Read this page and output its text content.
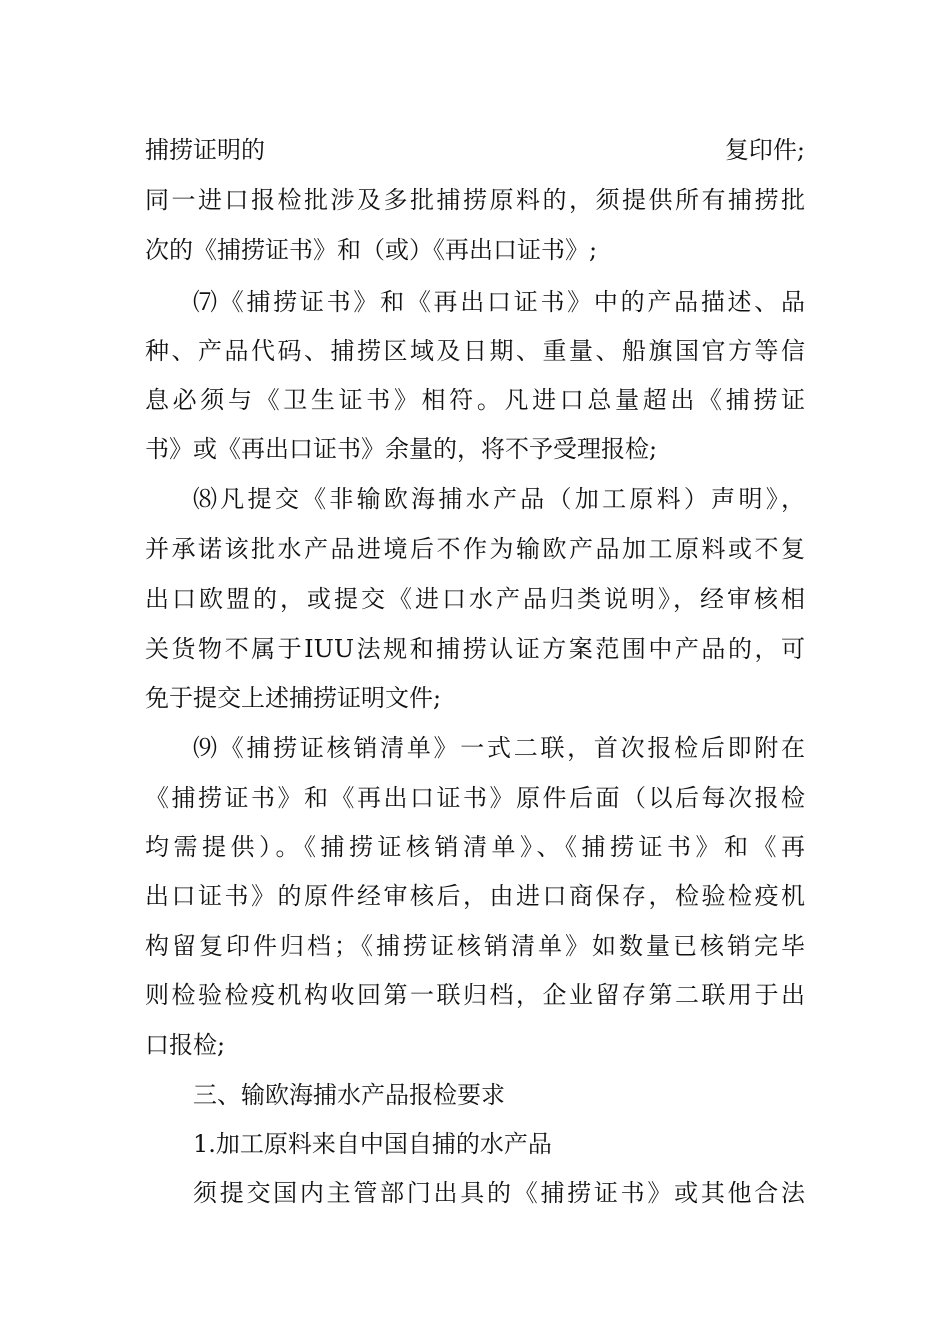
捕捞证明的	复印件;
同一进口报检批涉及多批捕捞原料的，须提供所有捕捞批
次的《捕捞证书》和（或）《再出口证书》;
⑺《捕捞证书》和《再出口证书》中的产品描述、品
种、产品代码、捕捞区域及日期、重量、船旗国官方等信
息必须与《卫生证书》相符。凡进口总量超出《捕捞证
书》或《再出口证书》余量的，将不予受理报检;
⑻凡提交《非输欧海捕水产品（加工原料）声明》，
并承诺该批水产品进境后不作为输欧产品加工原料或不复
出口欧盟的，或提交《进口水产品归类说明》，经审核相
关货物不属于IUU法规和捕捞认证方案范围中产品的，可
免于提交上述捕捞证明文件;
⑼《捕捞证核销清单》一式二联，首次报检后即附在
《捕捞证书》和《再出口证书》原件后面（以后每次报检
均需提供）。《捕捞证核销清单》、《捕捞证书》和《再
出口证书》的原件经审核后，由进口商保存，检验检疫机
构留复印件归档；《捕捞证核销清单》如数量已核销完毕
则检验检疫机构收回第一联归档，企业留存第二联用于出
口报检;
三、输欧海捕水产品报检要求
1.加工原料来自中国自捕的水产品
须提交国内主管部门出具的《捕捞证书》或其他合法
